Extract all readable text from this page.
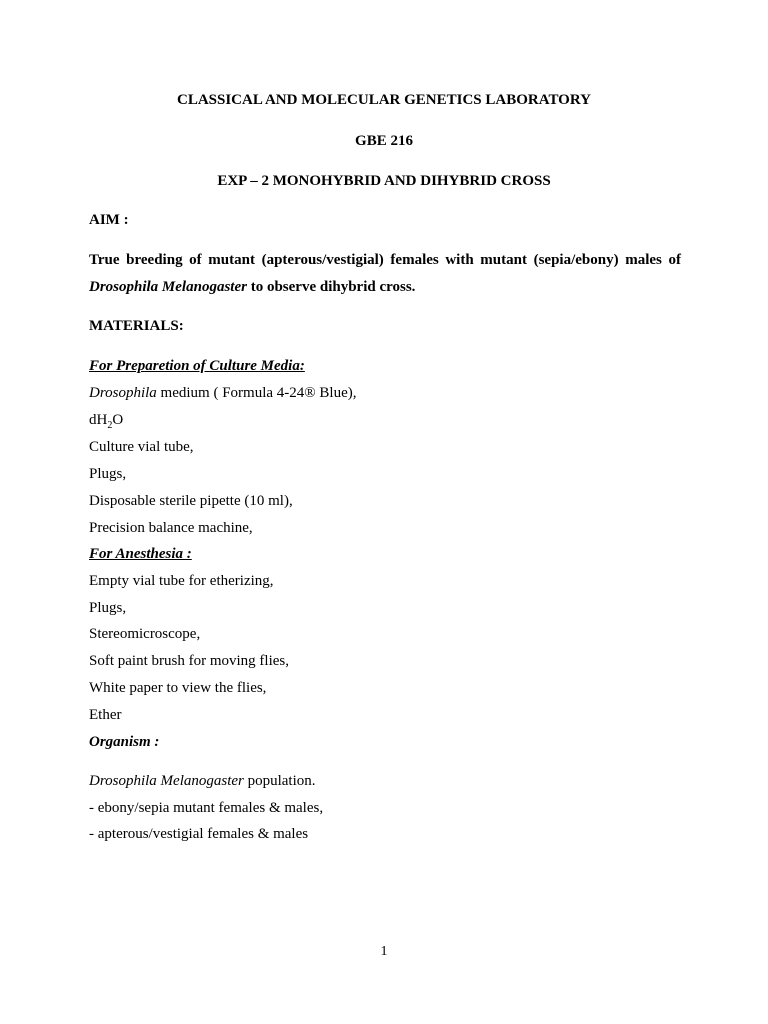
CLASSICAL AND MOLECULAR GENETICS LABORATORY
GBE 216
EXP – 2 MONOHYBRID AND DIHYBRID CROSS
AIM :
True breeding of mutant (apterous/vestigial) females with mutant (sepia/ebony) males of
Drosophila Melanogaster to observe dihybrid cross.
MATERIALS:
For Preparetion of Culture Media:
Drosophila medium ( Formula 4-24® Blue),
$dH_2O$
Culture vial tube,
Plugs,
Disposable sterile pipette (10 ml),
Precision balance machine,
For Anesthesia :
Empty vial tube for etherizing,
Plugs,
Stereomicroscope,
Soft paint brush for moving flies,
White paper to view the flies,
Ether
Organism :
Drosophila Melanogaster population.
- ebony/sepia mutant females & males,
- apterous/vestigial females & males
1
